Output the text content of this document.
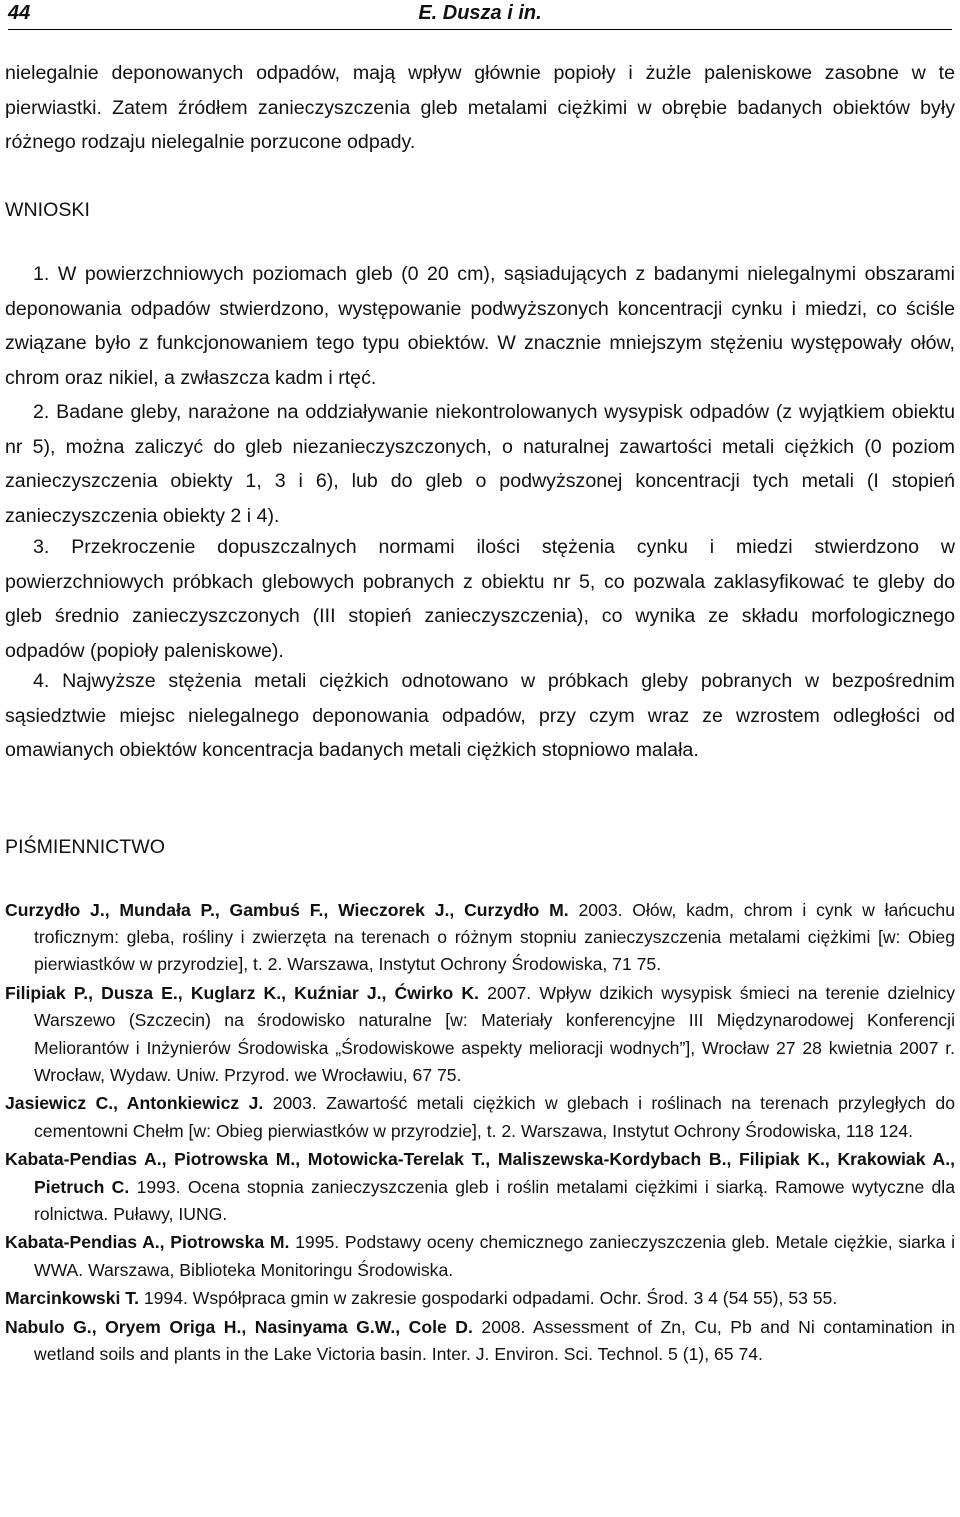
44	E. Dusza i in.

nielegalnie deponowanych odpadów, mają wpływ głównie popioły i żużle paleniskowe zasobne w te pierwiastki. Zatem źródłem zanieczyszczenia gleb metalami ciężkimi w obrębie badanych obiektów były różnego rodzaju nielegalnie porzucone odpady.

WNIOSKI

1. W powierzchniowych poziomach gleb (0 20 cm), sąsiadujących z badanymi nielegalnymi obszarami deponowania odpadów stwierdzono, występowanie podwyższonych koncentracji cynku i miedzi, co ściśle związane było z funkcjonowaniem tego typu obiektów. W znacznie mniejszym stężeniu występowały ołów, chrom oraz nikiel, a zwłaszcza kadm i rtęć.

2. Badane gleby, narażone na oddziaływanie niekontrolowanych wysypisk odpadów (z wyjątkiem obiektu nr 5), można zaliczyć do gleb niezanieczyszczonych, o naturalnej zawartości metali ciężkich (0 poziom zanieczyszczenia obiekty 1, 3 i 6), lub do gleb o podwyższonej koncentracji tych metali (I stopień zanieczyszczenia obiekty 2 i 4).

3. Przekroczenie dopuszczalnych normami ilości stężenia cynku i miedzi stwierdzono w powierzchniowych próbkach glebowych pobranych z obiektu nr 5, co pozwala zaklasyfikować te gleby do gleb średnio zanieczyszczonych (III stopień zanieczyszczenia), co wynika ze składu morfologicznego odpadów (popioły paleniskowe).

4. Najwyższe stężenia metali ciężkich odnotowano w próbkach gleby pobranych w bezpośrednim sąsiedztwie miejsc nielegalnego deponowania odpadów, przy czym wraz ze wzrostem odległości od omawianych obiektów koncentracja badanych metali ciężkich stopniowo malała.

PIŚMIENNICTWO
Curzydło J., Mundała P., Gambuś F., Wieczorek J., Curzydło M. 2003. Ołów, kadm, chrom i cynk w łańcuchu troficznym: gleba, rośliny i zwierzęta na terenach o różnym stopniu zanieczyszczenia metalami ciężkimi [w: Obieg pierwiastków w przyrodzie], t. 2. Warszawa, Instytut Ochrony Środowiska, 71 75.
Filipiak P., Dusza E., Kuglarz K., Kuźniar J., Ćwirko K. 2007. Wpływ dzikich wysypisk śmieci na terenie dzielnicy Warszewo (Szczecin) na środowisko naturalne [w: Materiały konferencyjne III Międzynarodowej Konferencji Meliorantów i Inżynierów Środowiska „Środowiskowe aspekty melioracji wodnych”], Wrocław 27 28 kwietnia 2007 r. Wrocław, Wydaw. Uniw. Przyrod. we Wrocławiu, 67 75.
Jasiewicz C., Antonkiewicz J. 2003. Zawartość metali ciężkich w glebach i roślinach na terenach przyległych do cementowni Chełm [w: Obieg pierwiastków w przyrodzie], t. 2. Warszawa, Instytut Ochrony Środowiska, 118 124.
Kabata-Pendias A., Piotrowska M., Motowicka-Terelak T., Maliszewska-Kordybach B., Filipiak K., Krakowiak A., Pietruch C. 1993. Ocena stopnia zanieczyszczenia gleb i roślin metalami ciężkimi i siarką. Ramowe wytyczne dla rolnictwa. Puławy, IUNG.
Kabata-Pendias A., Piotrowska M. 1995. Podstawy oceny chemicznego zanieczyszczenia gleb. Metale ciężkie, siarka i WWA. Warszawa, Biblioteka Monitoringu Środowiska.
Marcinkowski T. 1994. Współpraca gmin w zakresie gospodarki odpadami. Ochr. Środ. 3 4 (54 55), 53 55.
Nabulo G., Oryem Origa H., Nasinyama G.W., Cole D. 2008. Assessment of Zn, Cu, Pb and Ni contamination in wetland soils and plants in the Lake Victoria basin. Inter. J. Environ. Sci. Technol. 5 (1), 65 74.
